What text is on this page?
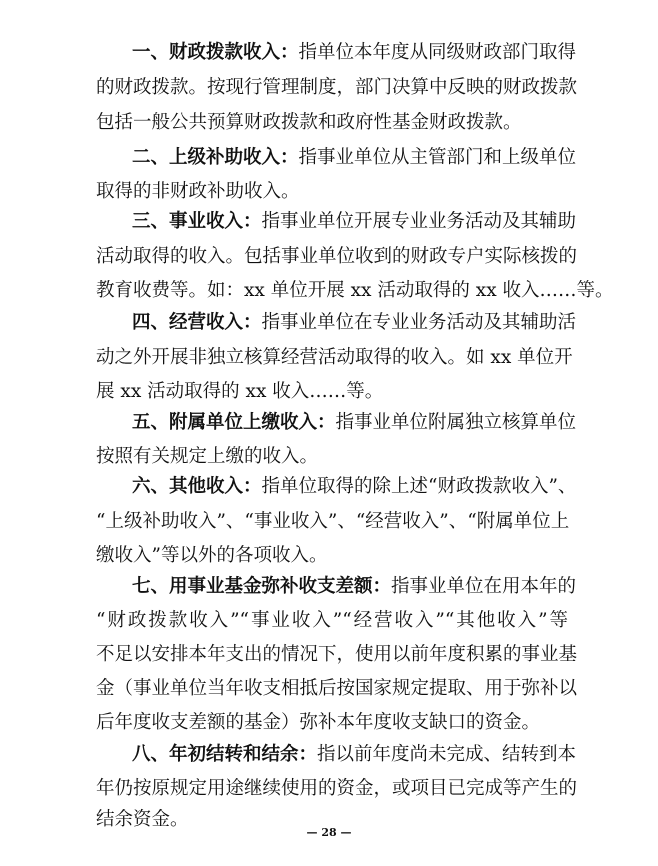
一、财政拨款收入：指单位本年度从同级财政部门取得
的财政拨款。按现行管理制度，部门决算中反映的财政拨款
包括一般公共预算财政拨款和政府性基金财政拨款。
二、上级补助收入：指事业单位从主管部门和上级单位
取得的非财政补助收入。
三、事业收入：指事业单位开展专业业务活动及其辅助
活动取得的收入。包括事业单位收到的财政专户实际核拨的
教育收费等。如：xx 单位开展 xx 活动取得的 xx 收入……等。
四、经营收入：指事业单位在专业业务活动及其辅助活
动之外开展非独立核算经营活动取得的收入。如 xx 单位开
展 xx 活动取得的 xx 收入……等。
五、附属单位上缴收入：指事业单位附属独立核算单位
按照有关规定上缴的收入。
六、其他收入：指单位取得的除上述“财政拨款收入”、
“上级补助收入”、“事业收入”、“经营收入”、“附属单位上
缴收入”等以外的各项收入。
七、用事业基金弥补收支差额：指事业单位在用本年的
“财政拨款收入”“事业收入”“经营收入”“其他收入”等
不足以安排本年支出的情况下，使用以前年度积累的事业基
金（事业单位当年收支相抵后按国家规定提取、用于弥补以
后年度收支差额的基金）弥补本年度收支缺口的资金。
八、年初结转和结余：指以前年度尚未完成、结转到本
年仍按原规定用途继续使用的资金，或项目已完成等产生的
结余资金。
— 28 —
